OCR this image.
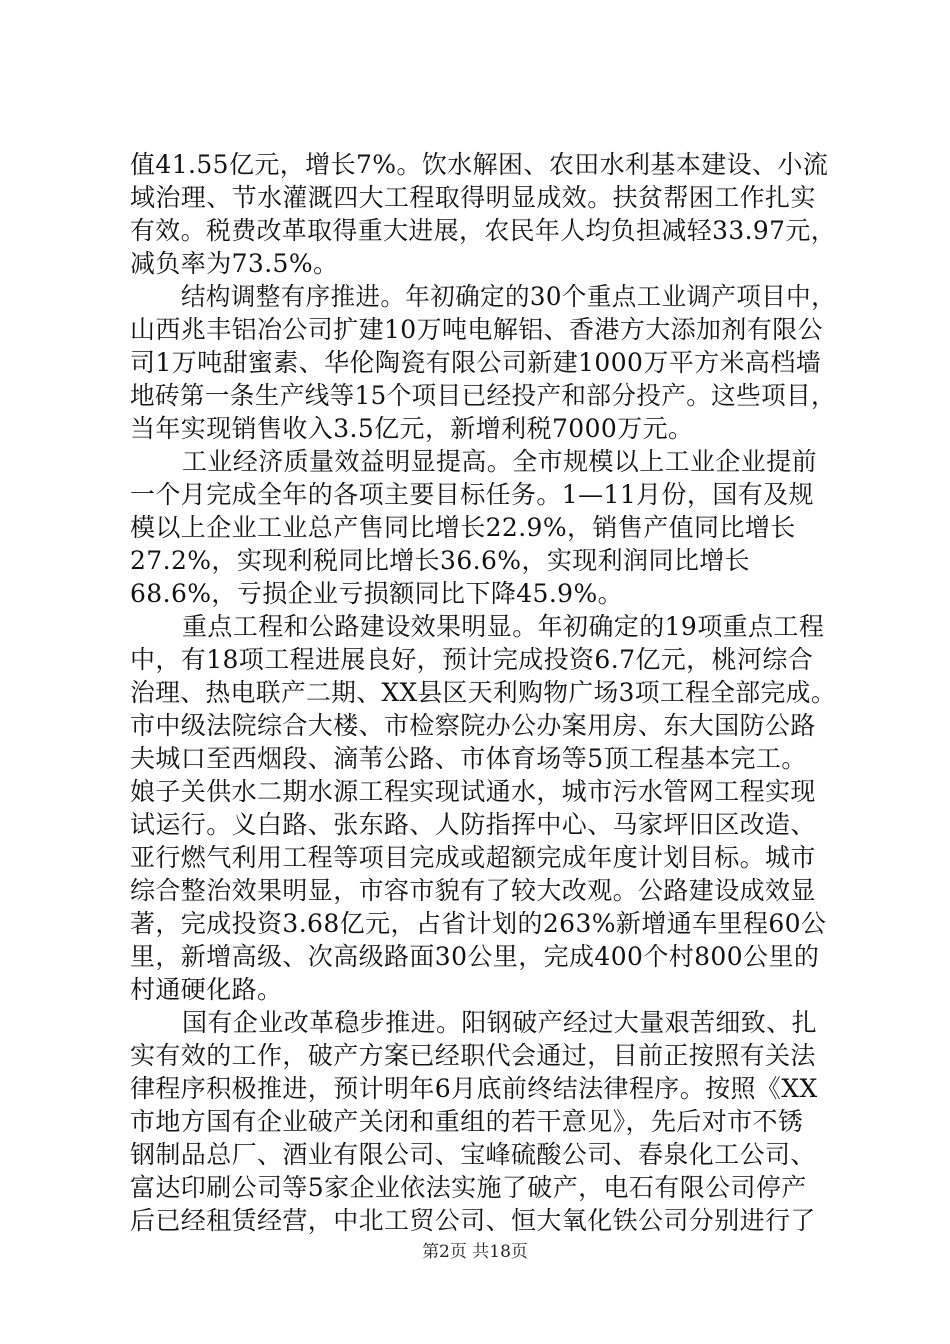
值41.55亿元，增长7%。饮水解困、农田水利基本建设、小流
域治理、节水灌溉四大工程取得明显成效。扶贫帮困工作扎实
有效。税费改革取得重大进展，农民年人均负担减轻33.97元，
减负率为73.5%。
结构调整有序推进。年初确定的30个重点工业调产项目中，
山西兆丰铝冶公司扩建10万吨电解铝、香港方大添加剂有限公
司1万吨甜蜜素、华伦陶瓷有限公司新建1000万平方米高档墙
地砖第一条生产线等15个项目已经投产和部分投产。这些项目，
当年实现销售收入3.5亿元，新增利税7000万元。
工业经济质量效益明显提高。全市规模以上工业企业提前
一个月完成全年的各项主要目标任务。1—11月份，国有及规
模以上企业工业总产售同比增长22.9%，销售产值同比增长
27.2%，实现利税同比增长36.6%，实现利润同比增长
68.6%，亏损企业亏损额同比下降45.9%。
重点工程和公路建设效果明显。年初确定的19项重点工程
中，有18项工程进展良好，预计完成投资6.7亿元，桃河综合
治理、热电联产二期、XX县区天利购物广场3项工程全部完成。
市中级法院综合大楼、市检察院办公办案用房、东大国防公路
夫城口至西烟段、滴苇公路、市体育场等5顶工程基本完工。
娘子关供水二期水源工程实现试通水，城市污水管网工程实现
试运行。义白路、张东路、人防指挥中心、马家坪旧区改造、
亚行燃气利用工程等项目完成或超额完成年度计划目标。城市
综合整治效果明显，市容市貌有了较大改观。公路建设成效显
著，完成投资3.68亿元，占省计划的263%新增通车里程60公
里，新增高级、次高级路面30公里，完成400个村800公里的
村通硬化路。
国有企业改革稳步推进。阳钢破产经过大量艰苦细致、扎
实有效的工作，破产方案已经职代会通过，目前正按照有关法
律程序积极推进，预计明年6月底前终结法律程序。按照《XX
市地方国有企业破产关闭和重组的若干意见》，先后对市不锈
钢制品总厂、酒业有限公司、宝峰硫酸公司、春泉化工公司、
富达印刷公司等5家企业依法实施了破产，电石有限公司停产
后已经租赁经营，中北工贸公司、恒大氧化铁公司分别进行了
第2页 共18页
